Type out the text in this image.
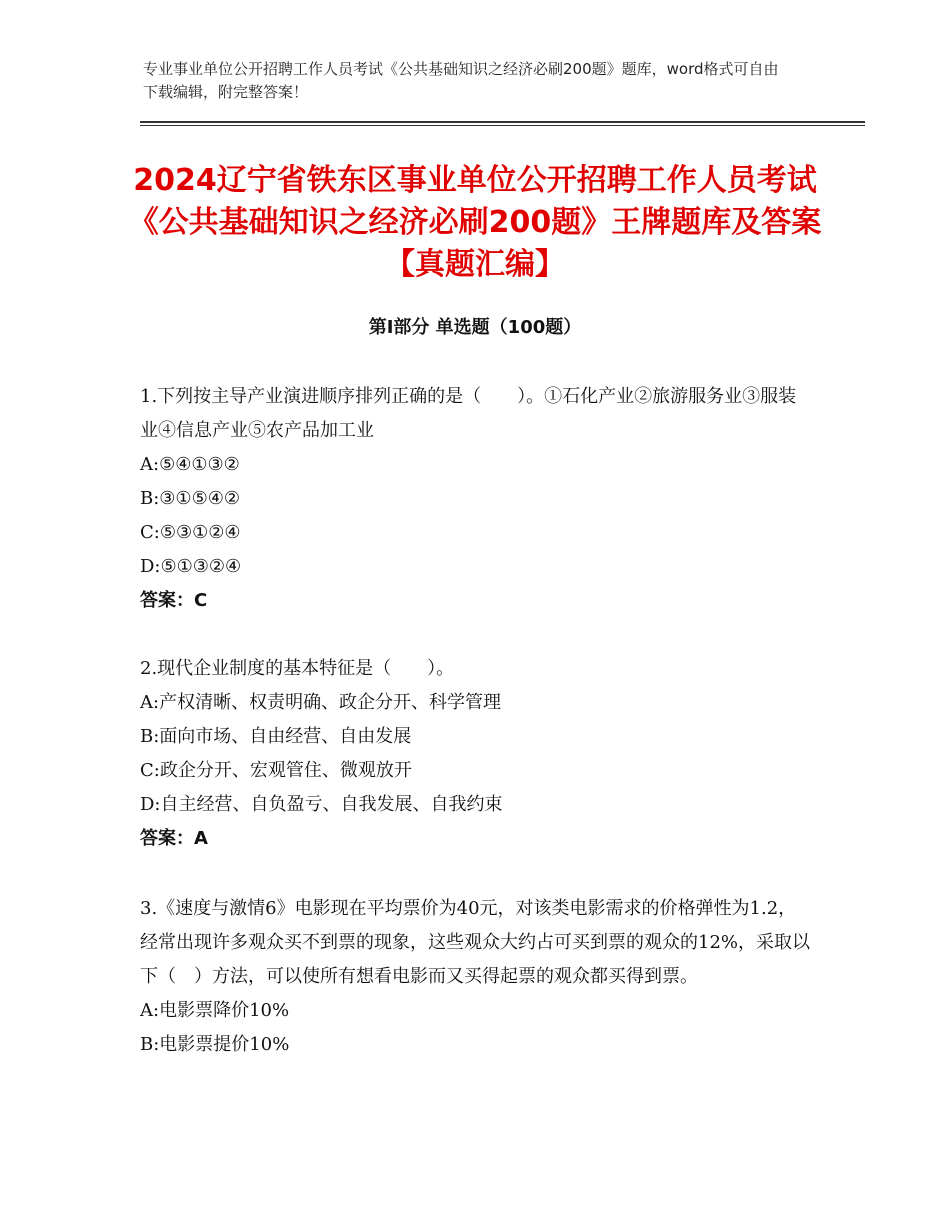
专业事业单位公开招聘工作人员考试《公共基础知识之经济必刷200题》题库，word格式可自由下载编辑，附完整答案！
2024辽宁省铁东区事业单位公开招聘工作人员考试《公共基础知识之经济必刷200题》王牌题库及答案【真题汇编】
第Ⅰ部分 单选题（100题）

1.下列按主导产业演进顺序排列正确的是（　　）。①石化产业②旅游服务业③服装业④信息产业⑤农产品加工业

A:⑤④①③②

B:③①⑤④②

C:⑤③①②④

D:⑤①③②④

答案：C

2.现代企业制度的基本特征是（　　）。

A:产权清晰、权责明确、政企分开、科学管理

B:面向市场、自由经营、自由发展

C:政企分开、宏观管住、微观放开

D:自主经营、自负盈亏、自我发展、自我约束

答案：A

3.《速度与激情6》电影现在平均票价为40元，对该类电影需求的价格弹性为1.2，经常出现许多观众买不到票的现象，这些观众大约占可买到票的观众的12%，采取以下（　）方法，可以使所有想看电影而又买得起票的观众都买得到票。

A:电影票降价10%

B:电影票提价10%
